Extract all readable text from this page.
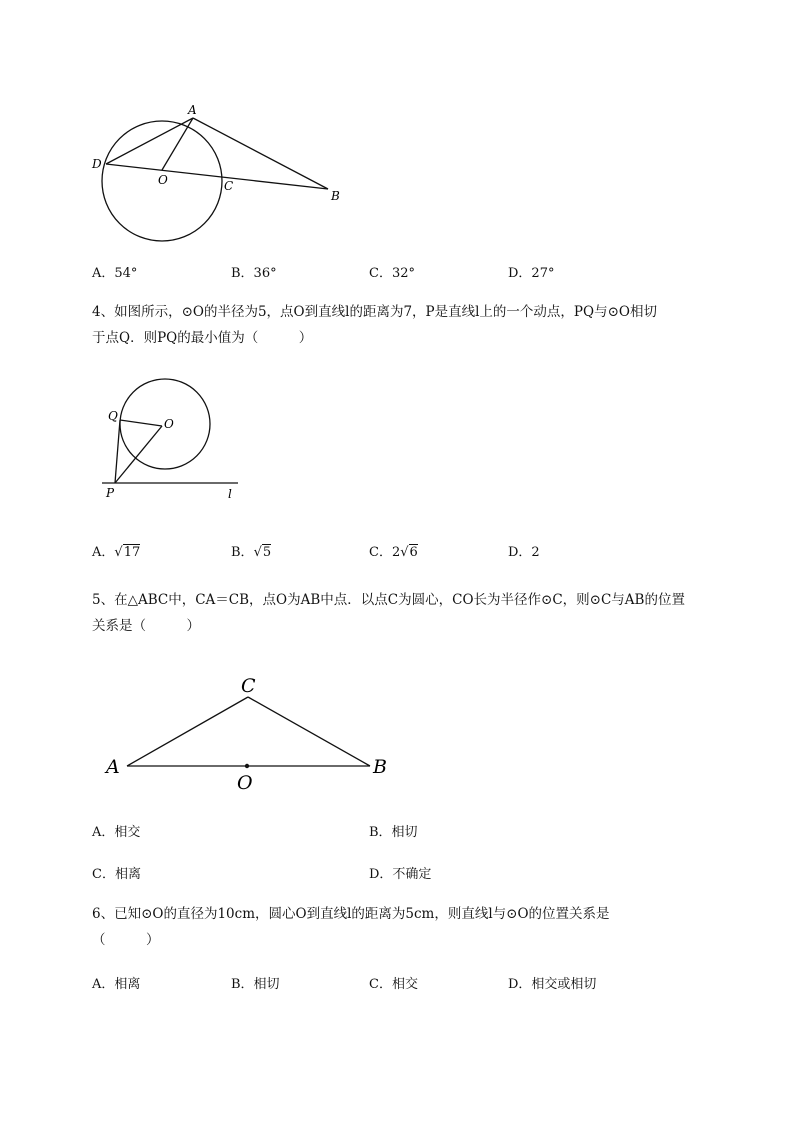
A
D
O	C
B
A．54°	B．36°	C．32°	D．27°
4、如图所示，⊙O的半径为5，点O到直线l的距离为7，P是直线l上的一个动点，PQ与⊙O相切
于点Q．则PQ的最小值为（　　　）
Q
O
P	l
A．√17	B．√5	C．2√6	D．2
5、在△ABC中，CA＝CB，点O为AB中点．以点C为圆心，CO长为半径作⊙C，则⊙C与AB的位置
关系是（　　　）
C
A	B
O
A．相交	B．相切
C．相离	D．不确定
6、已知⊙O的直径为10cm，圆心O到直线l的距离为5cm，则直线l与⊙O的位置关系是
（　　　）
A．相离	B．相切	C．相交	D．相交或相切
